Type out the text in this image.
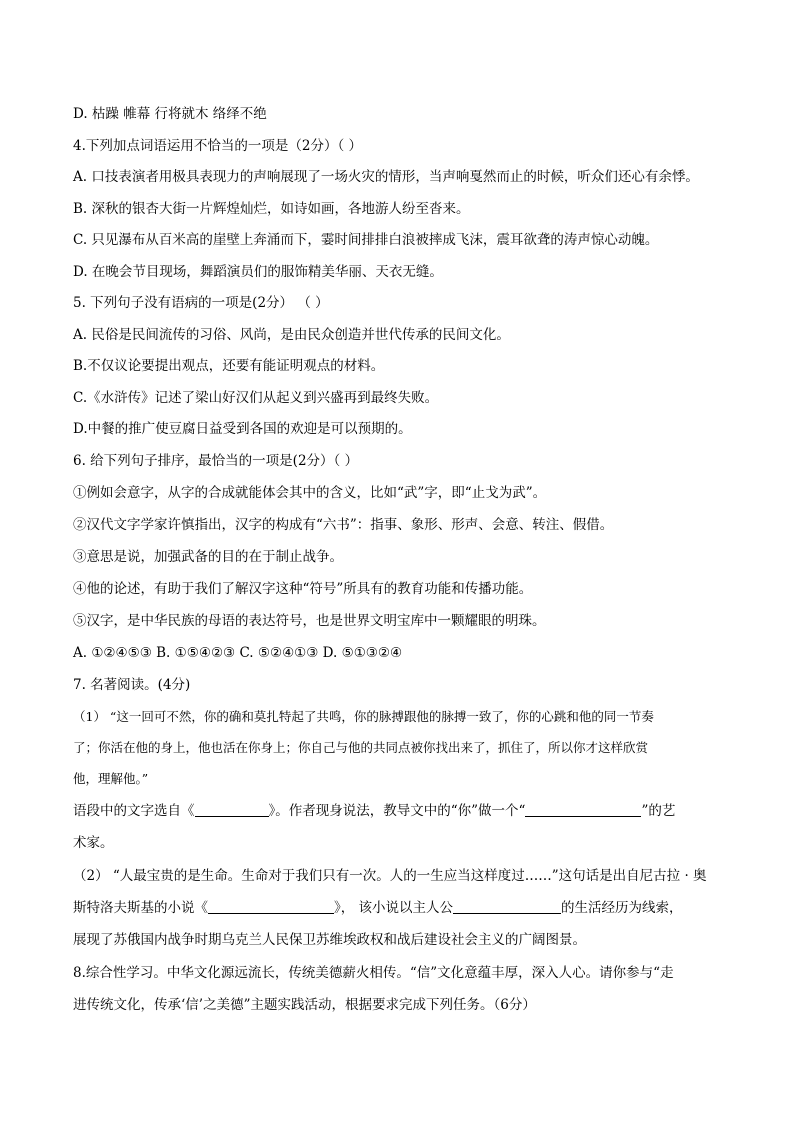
D. 枯躁 帷幕 行将就木 络绎不绝
4.下列加点词语运用不恰当的一项是（2分）（ ）
A. 口技表演者用极具表现力的声响展现了一场火灾的情形，当声响戛然而止的时候，听众们还心有余悸。
B. 深秋的银杏大街一片辉煌灿烂，如诗如画，各地游人纷至沓来。
C. 只见瀑布从百米高的崖壁上奔涌而下，霎时间排排白浪被摔成飞沫，震耳欲聋的涛声惊心动魄。
D. 在晚会节目现场，舞蹈演员们的服饰精美华丽、天衣无缝。
5. 下列句子没有语病的一项是(2分） （ ）
A. 民俗是民间流传的习俗、风尚，是由民众创造并世代传承的民间文化。
B.不仅议论要提出观点，还要有能证明观点的材料。
C.《水浒传》记述了梁山好汉们从起义到兴盛再到最终失败。
D.中餐的推广使豆腐日益受到各国的欢迎是可以预期的。
6. 给下列句子排序，最恰当的一项是(2分）（ ）
①例如会意字，从字的合成就能体会其中的含义，比如“武”字，即“止戈为武”。
②汉代文字学家许慎指出，汉字的构成有“六书”：指事、象形、形声、会意、转注、假借。
③意思是说，加强武备的目的在于制止战争。
④他的论述，有助于我们了解汉字这种“符号”所具有的教育功能和传播功能。
⑤汉字，是中华民族的母语的表达符号，也是世界文明宝库中一颗耀眼的明珠。
A. ①②④⑤③ B. ①⑤④②③ C. ⑤②④①③ D. ⑤①③②④
7. 名著阅读。(4分)
（1） “这一回可不然，你的确和莫扎特起了共鸣，你的脉搏跟他的脉搏一致了，你的心跳和他的同一节奏
了；你活在他的身上，他也活在你身上；你自己与他的共同点被你找出来了，抓住了，所以你才这样欣赏
他，理解他。”
语段中的文字选自《	》。作者现身说法，教导文中的“你”做一个“	”的艺
术家。
（2） “人最宝贵的是生命。生命对于我们只有一次。人的一生应当这样度过……”这句话是出自尼古拉 · 奥
斯特洛夫斯基的小说《	》， 该小说以主人公	的生活经历为线索，
展现了苏俄国内战争时期乌克兰人民保卫苏维埃政权和战后建设社会主义的广阔图景。
8.综合性学习。中华文化源远流长，传统美德薪火相传。“信”文化意蕴丰厚，深入人心。请你参与“走
进传统文化，传承‘信’之美德”主题实践活动，根据要求完成下列任务。（6分）
